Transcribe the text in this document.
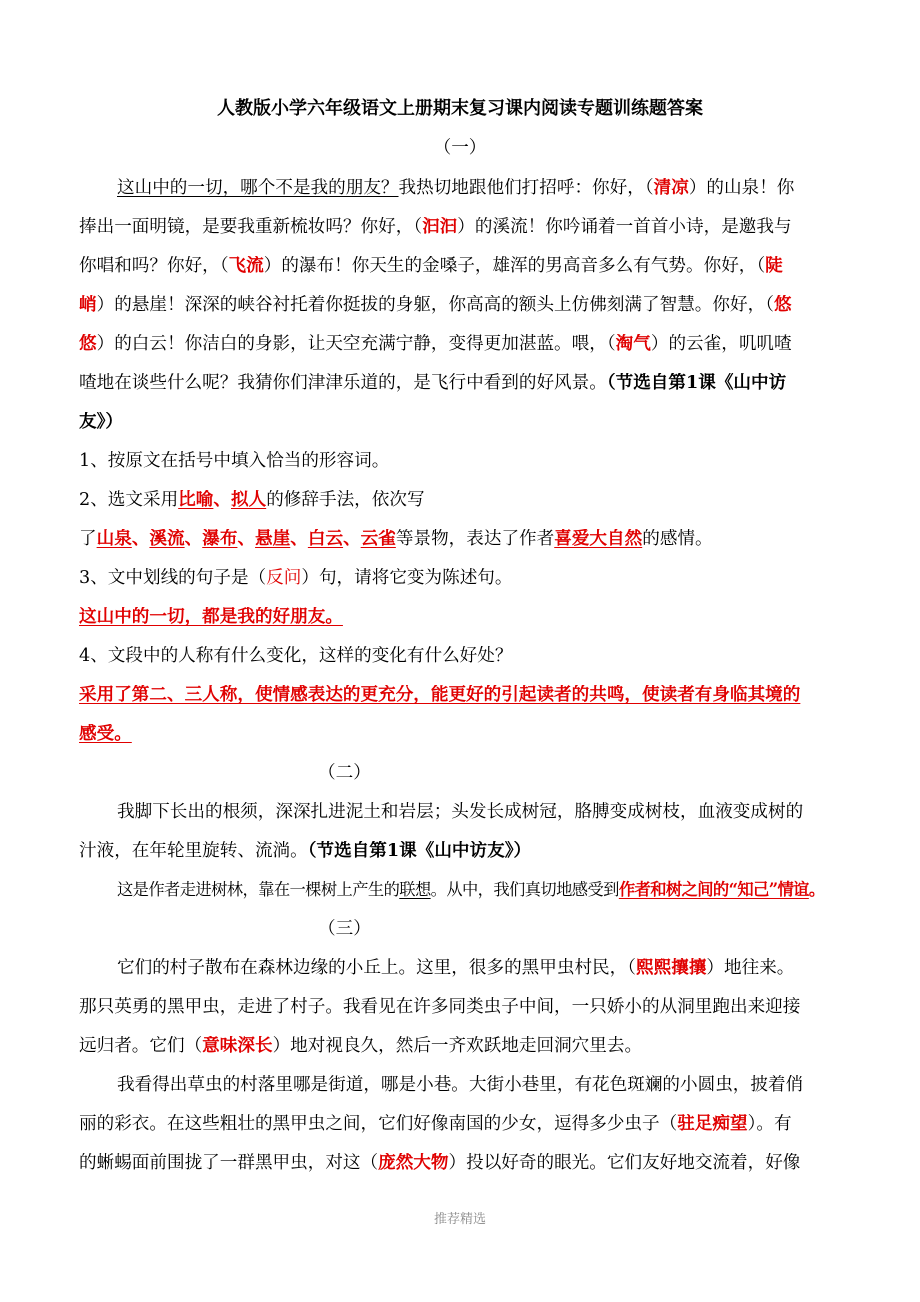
人教版小学六年级语文上册期末复习课内阅读专题训练题答案
（一）
这山中的一切，哪个不是我的朋友？我热切地跟他们打招呼：你好，（清凉）的山泉！你
捧出一面明镜，是要我重新梳妆吗？你好，（汩汩）的溪流！你吟诵着一首首小诗，是邀我与
你唱和吗？你好，（飞流）的瀑布！你天生的金嗓子，雄浑的男高音多么有气势。你好，（陡
峭）的悬崖！深深的峡谷衬托着你挺拔的身躯，你高高的额头上仿佛刻满了智慧。你好，（悠
悠）的白云！你洁白的身影，让天空充满宁静，变得更加湛蓝。喂，（淘气）的云雀，叽叽喳
喳地在谈些什么呢？我猜你们津津乐道的，是飞行中看到的好风景。（节选自第1课《山中访
友》）
1、按原文在括号中填入恰当的形容词。
2、选文采用比喻、拟人的修辞手法，依次写
了山泉、溪流、瀑布、悬崖、白云、云雀等景物，表达了作者喜爱大自然的感情。
3、文中划线的句子是（反问）句，请将它变为陈述句。
这山中的一切，都是我的好朋友。
4、文段中的人称有什么变化，这样的变化有什么好处？
采用了第二、三人称，使情感表达的更充分，能更好的引起读者的共鸣，使读者有身临其境的
感受。
（二）
我脚下长出的根须，深深扎进泥土和岩层；头发长成树冠，胳膊变成树枝，血液变成树的
汁液，在年轮里旋转、流淌。（节选自第1课《山中访友》）
这是作者走进树林，靠在一棵树上产生的联想。从中，我们真切地感受到作者和树之间的“知己”情谊。
（三）
它们的村子散布在森林边缘的小丘上。这里，很多的黑甲虫村民，（熙熙攘攘）地往来。
那只英勇的黑甲虫，走进了村子。我看见在许多同类虫子中间，一只娇小的从洞里跑出来迎接
远归者。它们（意味深长）地对视良久，然后一齐欢跃地走回洞穴里去。
我看得出草虫的村落里哪是街道，哪是小巷。大街小巷里，有花色斑斓的小圆虫，披着俏
丽的彩衣。在这些粗壮的黑甲虫之间，它们好像南国的少女，逗得多少虫子（驻足痴望）。有
的蜥蜴面前围拢了一群黑甲虫，对这（庞然大物）投以好奇的眼光。它们友好地交流着，好像
推荐精选
